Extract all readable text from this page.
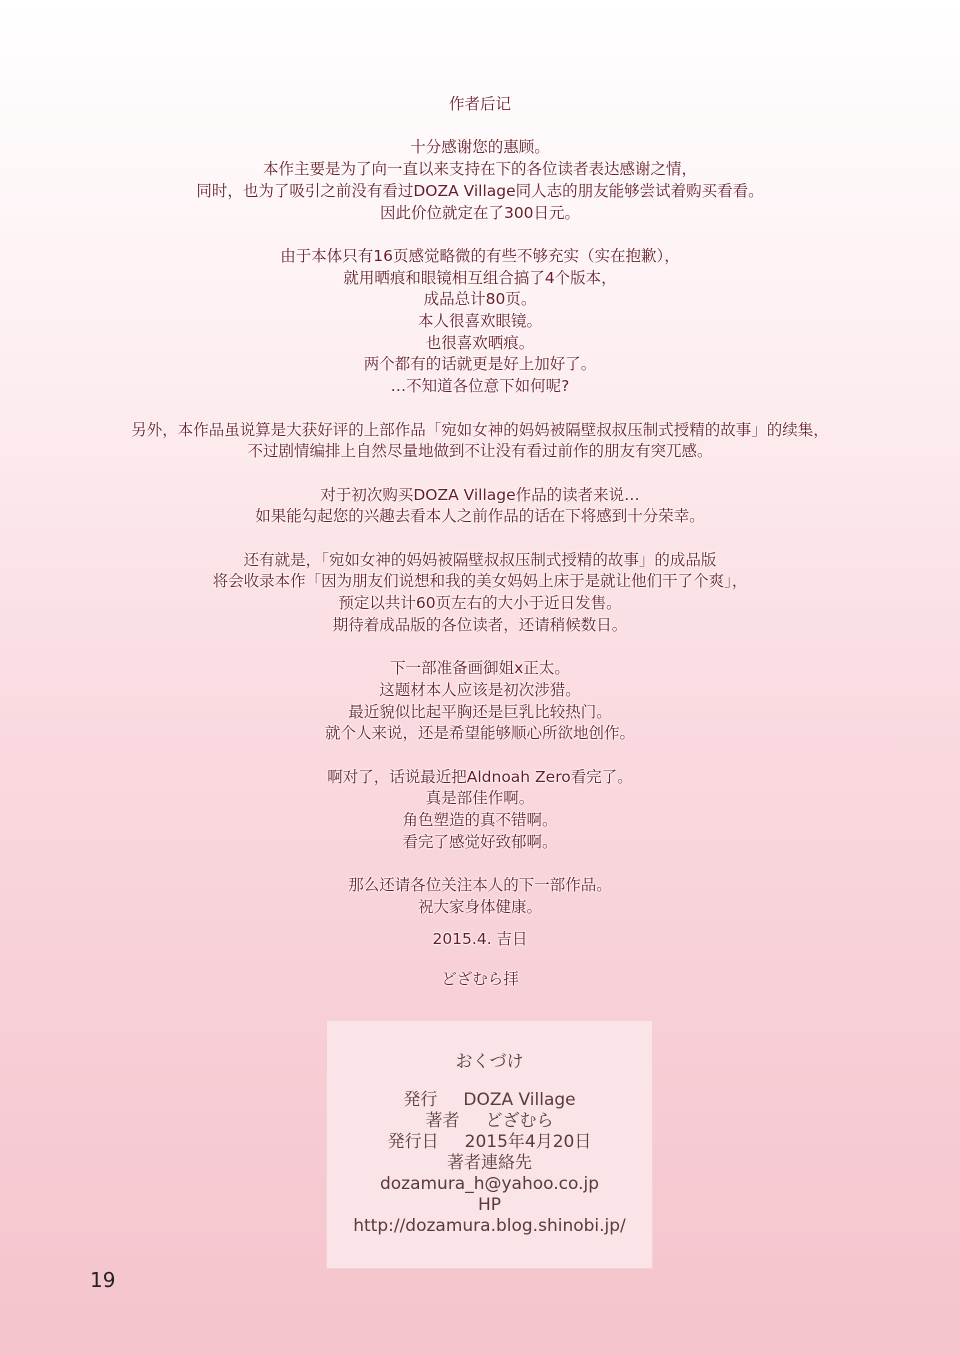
作者后记
十分感谢您的惠顾。
本作主要是为了向一直以来支持在下的各位读者表达感谢之情，
同时，也为了吸引之前没有看过DOZA Village同人志的朋友能够尝试着购买看看。
因此价位就定在了300日元。
由于本体只有16页感觉略微的有些不够充实（实在抱歉），
就用晒痕和眼镜相互组合搞了4个版本，
成品总计80页。
本人很喜欢眼镜。
也很喜欢晒痕。
两个都有的话就更是好上加好了。
…不知道各位意下如何呢?
另外，本作品虽说算是大获好评的上部作品「宛如女神的妈妈被隔壁叔叔压制式授精的故事」的续集，
不过剧情编排上自然尽量地做到不让没有看过前作的朋友有突兀感。
对于初次购买DOZA Village作品的读者来说…
如果能勾起您的兴趣去看本人之前作品的话在下将感到十分荣幸。
还有就是，「宛如女神的妈妈被隔壁叔叔压制式授精的故事」的成品版
将会收录本作「因为朋友们说想和我的美女妈妈上床于是就让他们干了个爽」，
预定以共计60页左右的大小于近日发售。
期待着成品版的各位读者，还请稍候数日。
下一部准备画御姐x正太。
这题材本人应该是初次涉猎。
最近貌似比起平胸还是巨乳比较热门。
就个人来说，还是希望能够顺心所欲地创作。
啊对了，话说最近把Aldnoah Zero看完了。
真是部佳作啊。
角色塑造的真不错啊。
看完了感觉好致郁啊。
那么还请各位关注本人的下一部作品。
祝大家身体健康。
2015.4. 吉日
どざむら拝
おくづけ
発行 DOZA Village
著者 どざむら
発行日 2015年4月20日
著者連絡先
dozamura_h@yahoo.co.jp
HP
http://dozamura.blog.shinobi.jp/
19
